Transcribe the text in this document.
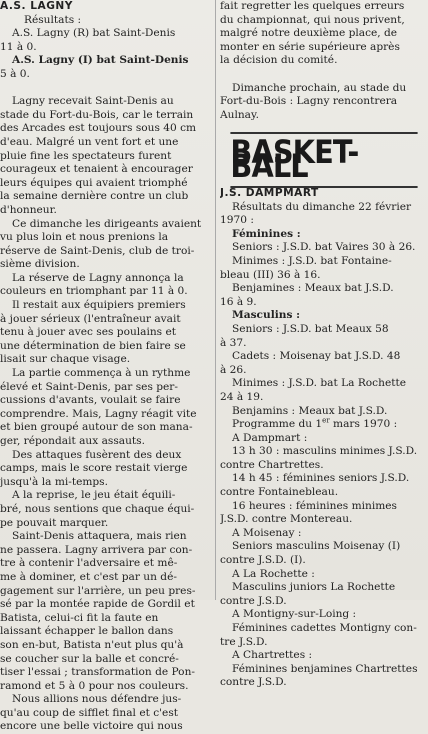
A.S. LAGNY
Résultats :
A.S. Lagny (R) bat Saint-Denis
11 à 0.
A.S. Lagny (I) bat Saint-Denis
5 à 0.

Lagny recevait Saint-Denis au
stade du Fort-du-Bois, car le terrain
des Arcades est toujours sous 40 cm
d'eau. Malgré un vent fort et une
pluie fine les spectateurs furent
courageux et tenaient à encourager
leurs équipes qui avaient triomphé
la semaine dernière contre un club
d'honneur.
Ce dimanche les dirigeants avaient
vu plus loin et nous prenions la
réserve de Saint-Denis, club de troi-
sième division.
La réserve de Lagny annonça la
couleurs en triomphant par 11 à 0.
Il restait aux équipiers premiers
à jouer sérieux (l'entraîneur avait
tenu à jouer avec ses poulains et
une détermination de bien faire se
lisait sur chaque visage.
La partie commença à un rythme
élevé et Saint-Denis, par ses per-
cussions d'avants, voulait se faire
comprendre. Mais, Lagny réagit vite
et bien groupé autour de son mana-
ger, répondait aux assauts.
Des attaques fusèrent des deux
camps, mais le score restait vierge
jusqu'à la mi-temps.
A la reprise, le jeu était équili-
bré, nous sentions que chaque équi-
pe pouvait marquer.
Saint-Denis attaquera, mais rien
ne passera. Lagny arrivera par con-
tre à contenir l'adversaire et mê-
me à dominer, et c'est par un dé-
gagement sur l'arrière, un peu pres-
sé par la montée rapide de Gordil et
Batista, celui-ci fit la faute en
laissant échapper le ballon dans
son en-but, Batista n'eut plus qu'à
se coucher sur la balle et concré-
tiser l'essai ; transformation de Pon-
ramond et 5 à 0 pour nos couleurs.
Nous allions nous défendre jus-
qu'au coup de sifflet final et c'est
encore une belle victoire qui nous
fait regretter les quelques erreurs
du championnat, qui nous privent,
malgré notre deuxième place, de
monter en série supérieure après
la décision du comité.

Dimanche prochain, au stade du
Fort-du-Bois : Lagny rencontrera
Aulnay.
BASKET-BALL
J.S. DAMPMART
Résultats du dimanche 22 février
1970 :
Féminines :
Seniors : J.S.D. bat Vaires 30 à 26.
Minimes : J.S.D. bat Fontaine-
bleau (III) 36 à 16.
Benjamines : Meaux bat J.S.D.
16 à 9.
Masculins :
Seniors : J.S.D. bat Meaux 58
à 37.
Cadets : Moisenay bat J.S.D. 48
à 26.
Minimes : J.S.D. bat La Rochette
24 à 19.
Benjamins : Meaux bat J.S.D.
Programme du 1er mars 1970 :
A Dampmart :
13 h 30 : masculins minimes J.S.D.
contre Chartrettes.
14 h 45 : féminines seniors J.S.D.
contre Fontainebleau.
16 heures : féminines minimes
J.S.D. contre Montereau.
A Moisenay :
Seniors masculins Moisenay (I)
contre J.S.D. (I).
A La Rochette :
Masculins juniors La Rochette
contre J.S.D.
A Montigny-sur-Loing :
Féminines cadettes Montigny con-
tre J.S.D.
A Chartrettes :
Féminines benjamines Chartrettes
contre J.S.D.
